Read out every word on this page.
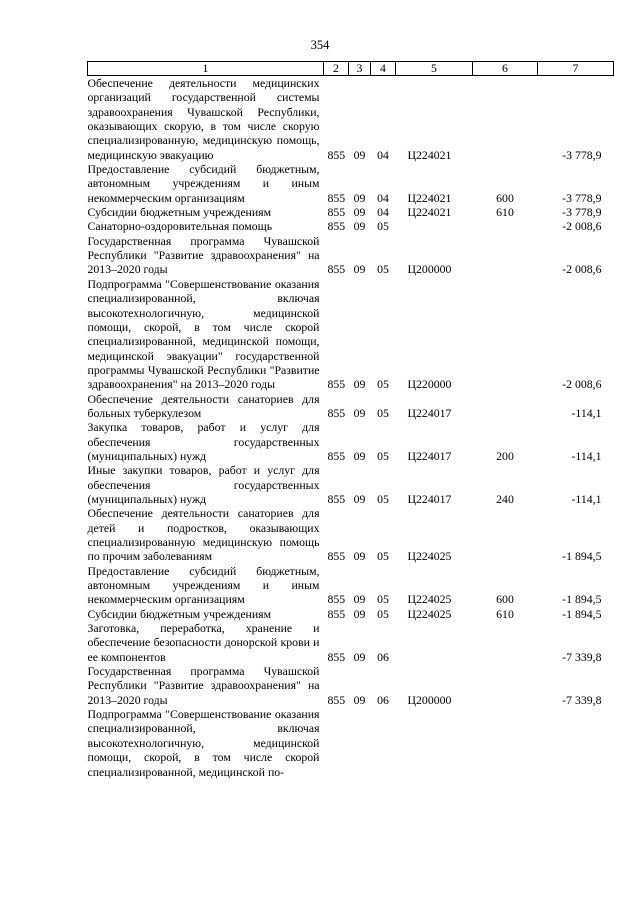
354
1	2	3	4	5	6	7
Обеспечение деятельности медицинских организаций государственной системы здравоохранения Чувашской Республики, оказывающих скорую, в том числе скорую специализированную, медицинскую помощь, медицинскую эвакуацию	855	09	04	Ц224021		-3 778,9
Предоставление субсидий бюджетным, автономным учреждениям и иным некоммерческим организациям	855	09	04	Ц224021	600	-3 778,9
Субсидии бюджетным учреждениям	855	09	04	Ц224021	610	-3 778,9
Санаторно-оздоровительная помощь	855	09	05			-2 008,6
Государственная программа Чувашской Республики "Развитие здравоохранения" на 2013–2020 годы	855	09	05	Ц200000		-2 008,6
Подпрограмма "Совершенствование оказания специализированной, включая высокотехнологичную, медицинской помощи, скорой, в том числе скорой специализированной, медицинской помощи, медицинской эвакуации" государственной программы Чувашской Республики "Развитие здравоохранения" на 2013–2020 годы	855	09	05	Ц220000		-2 008,6
Обеспечение деятельности санаториев для больных туберкулезом	855	09	05	Ц224017		-114,1
Закупка товаров, работ и услуг для обеспечения государственных (муниципальных) нужд	855	09	05	Ц224017	200	-114,1
Иные закупки товаров, работ и услуг для обеспечения государственных (муниципальных) нужд	855	09	05	Ц224017	240	-114,1
Обеспечение деятельности санаториев для детей и подростков, оказывающих специализированную медицинскую помощь по прочим заболеваниям	855	09	05	Ц224025		-1 894,5
Предоставление субсидий бюджетным, автономным учреждениям и иным некоммерческим организациям	855	09	05	Ц224025	600	-1 894,5
Субсидии бюджетным учреждениям	855	09	05	Ц224025	610	-1 894,5
Заготовка, переработка, хранение и обеспечение безопасности донорской крови и ее компонентов	855	09	06			-7 339,8
Государственная программа Чувашской Республики "Развитие здравоохранения" на 2013–2020 годы	855	09	06	Ц200000		-7 339,8
Подпрограмма "Совершенствование оказания специализированной, включая высокотехнологичную, медицинской помощи, скорой, в том числе скорой специализированной, медицинской по-						
